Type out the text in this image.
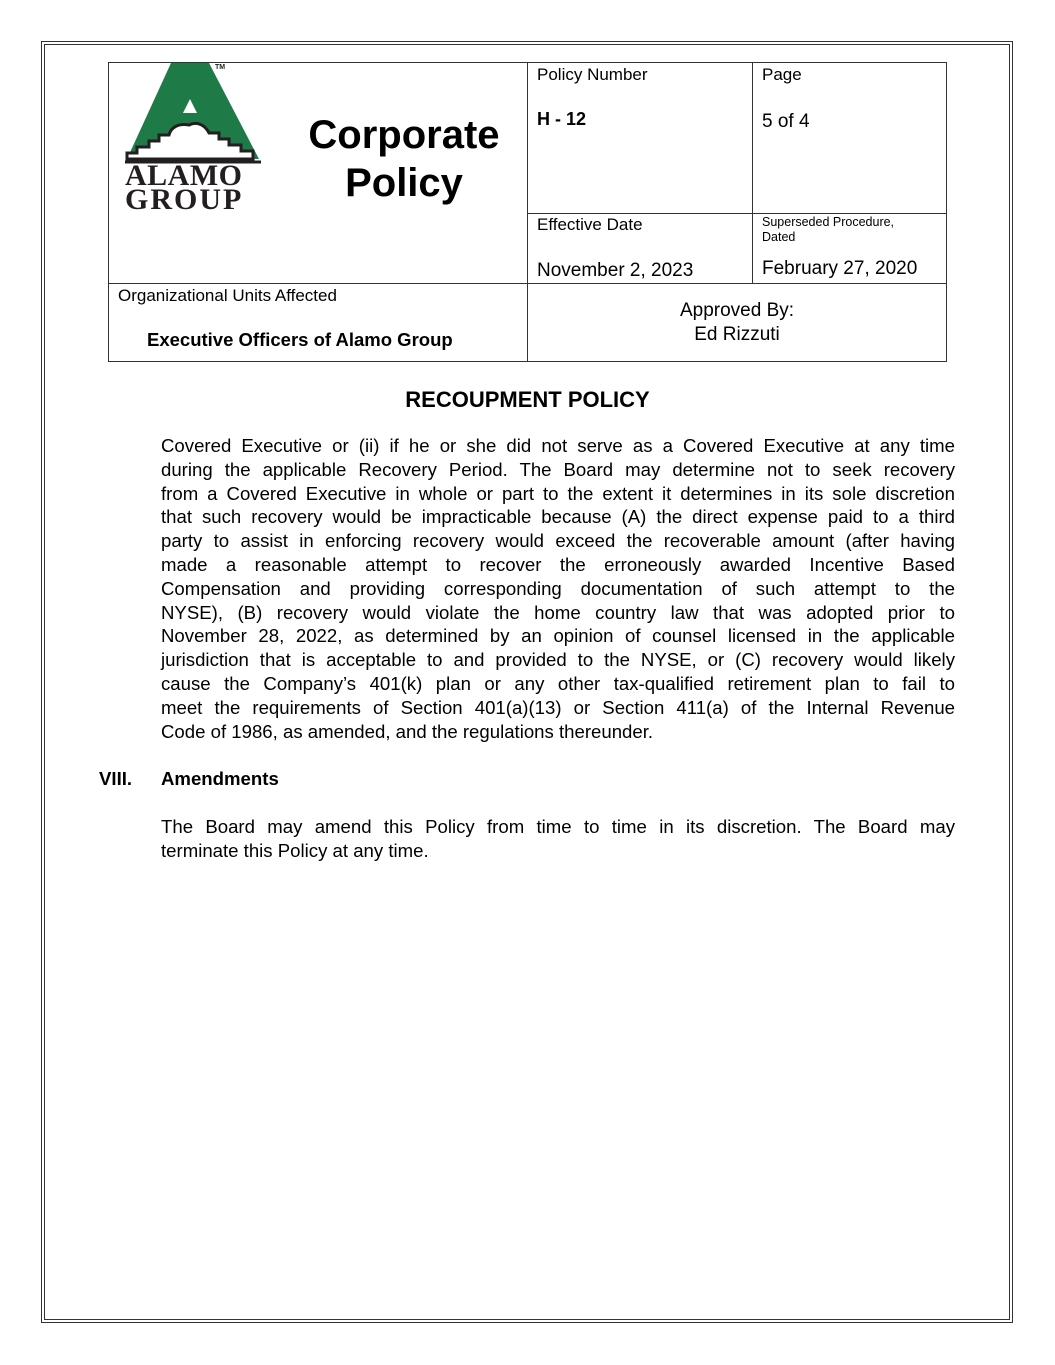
TM
ALAMO
GROUP
Corporate
Policy
Policy Number
H - 12
Page
5 of 4
Effective Date
November 2, 2023
Superseded Procedure,
Dated
February 27, 2020
Organizational Units Affected
Executive Officers of Alamo Group
Approved By:
Ed Rizzuti
RECOUPMENT POLICY
Covered Executive or (ii) if he or she did not serve as a Covered Executive at any time
during the applicable Recovery Period. The Board may determine not to seek recovery
from a Covered Executive in whole or part to the extent it determines in its sole discretion
that such recovery would be impracticable because (A) the direct expense paid to a third
party to assist in enforcing recovery would exceed the recoverable amount (after having
made a reasonable attempt to recover the erroneously awarded Incentive Based
Compensation and providing corresponding documentation of such attempt to the
NYSE), (B) recovery would violate the home country law that was adopted prior to
November 28, 2022, as determined by an opinion of counsel licensed in the applicable
jurisdiction that is acceptable to and provided to the NYSE, or (C) recovery would likely
cause the Company’s 401(k) plan or any other tax-qualified retirement plan to fail to
meet the requirements of Section 401(a)(13) or Section 411(a) of the Internal Revenue
Code of 1986, as amended, and the regulations thereunder.
VIII. Amendments
The Board may amend this Policy from time to time in its discretion. The Board may
terminate this Policy at any time.
